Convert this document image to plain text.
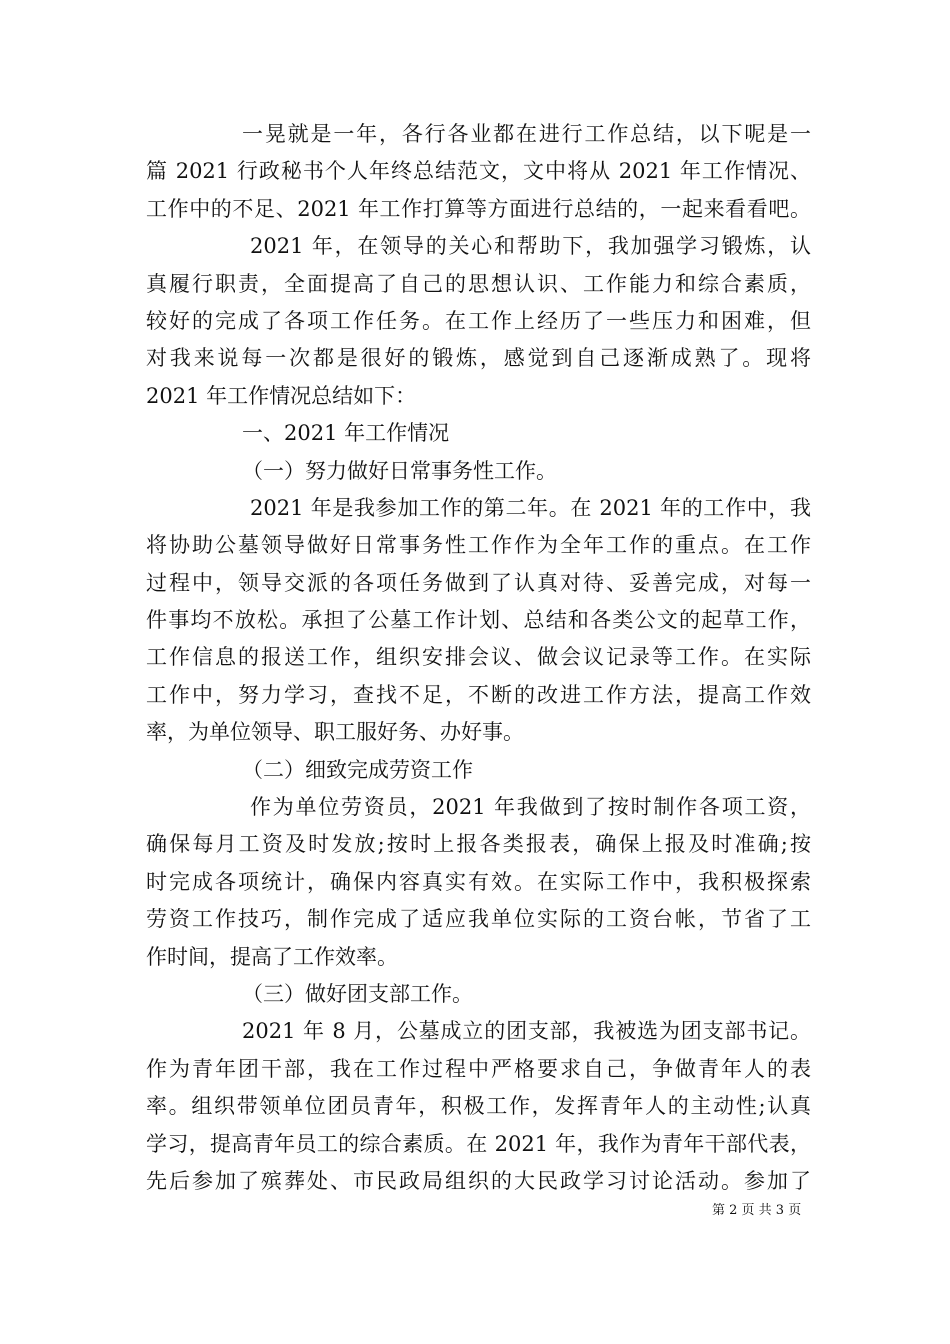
一晃就是一年，各行各业都在进行工作总结，以下呢是一
篇 2021 行政秘书个人年终总结范文，文中将从 2021 年工作情况、
工作中的不足、2021 年工作打算等方面进行总结的，一起来看看吧。
2021 年，在领导的关心和帮助下，我加强学习锻炼，认
真履行职责，全面提高了自己的思想认识、工作能力和综合素质，
较好的完成了各项工作任务。在工作上经历了一些压力和困难，但
对我来说每一次都是很好的锻炼，感觉到自己逐渐成熟了。现将
2021 年工作情况总结如下：
一、2021 年工作情况
（一）努力做好日常事务性工作。
2021 年是我参加工作的第二年。在 2021 年的工作中，我
将协助公墓领导做好日常事务性工作作为全年工作的重点。在工作
过程中，领导交派的各项任务做到了认真对待、妥善完成，对每一
件事均不放松。承担了公墓工作计划、总结和各类公文的起草工作，
工作信息的报送工作，组织安排会议、做会议记录等工作。在实际
工作中，努力学习，查找不足，不断的改进工作方法，提高工作效
率，为单位领导、职工服好务、办好事。
（二）细致完成劳资工作
作为单位劳资员，2021 年我做到了按时制作各项工资，
确保每月工资及时发放;按时上报各类报表，确保上报及时准确;按
时完成各项统计，确保内容真实有效。在实际工作中，我积极探索
劳资工作技巧，制作完成了适应我单位实际的工资台帐，节省了工
作时间，提高了工作效率。
（三）做好团支部工作。
2021 年 8 月，公墓成立的团支部，我被选为团支部书记。
作为青年团干部，我在工作过程中严格要求自己，争做青年人的表
率。组织带领单位团员青年，积极工作，发挥青年人的主动性;认真
学习，提高青年员工的综合素质。在 2021 年，我作为青年干部代表，
先后参加了殡葬处、市民政局组织的大民政学习讨论活动。参加了
第 2 页 共 3 页
